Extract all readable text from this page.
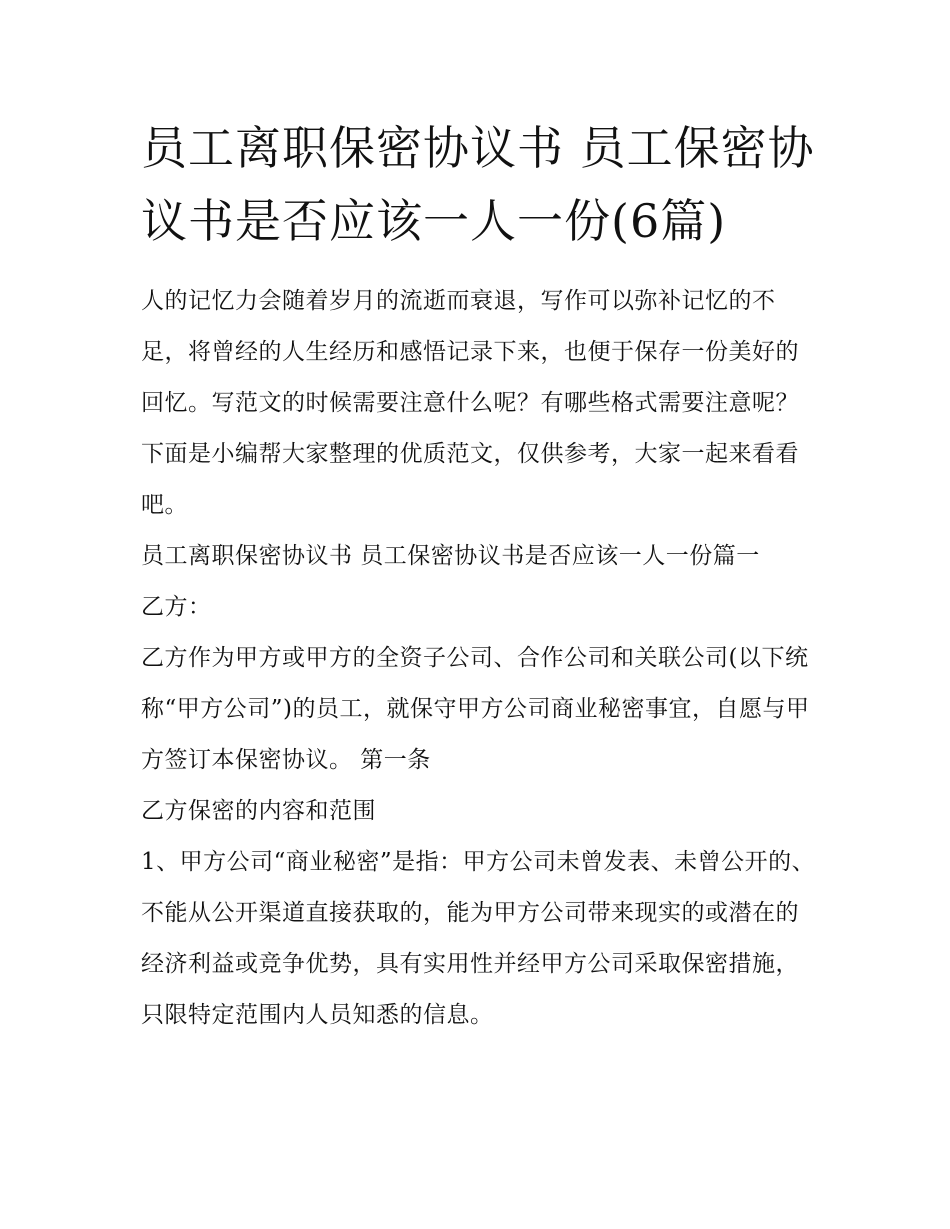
员工离职保密协议书 员工保密协议书是否应该一人一份(6篇)

人的记忆力会随着岁月的流逝而衰退，写作可以弥补记忆的不足，将曾经的人生经历和感悟记录下来，也便于保存一份美好的回忆。写范文的时候需要注意什么呢？有哪些格式需要注意呢？下面是小编帮大家整理的优质范文，仅供参考，大家一起来看看吧。

员工离职保密协议书 员工保密协议书是否应该一人一份篇一

乙方：

乙方作为甲方或甲方的全资子公司、合作公司和关联公司(以下统称“甲方公司”)的员工，就保守甲方公司商业秘密事宜，自愿与甲方签订本保密协议。 第一条

乙方保密的内容和范围

1、甲方公司“商业秘密”是指：甲方公司未曾发表、未曾公开的、不能从公开渠道直接获取的，能为甲方公司带来现实的或潜在的经济利益或竞争优势，具有实用性并经甲方公司采取保密措施，只限特定范围内人员知悉的信息。
